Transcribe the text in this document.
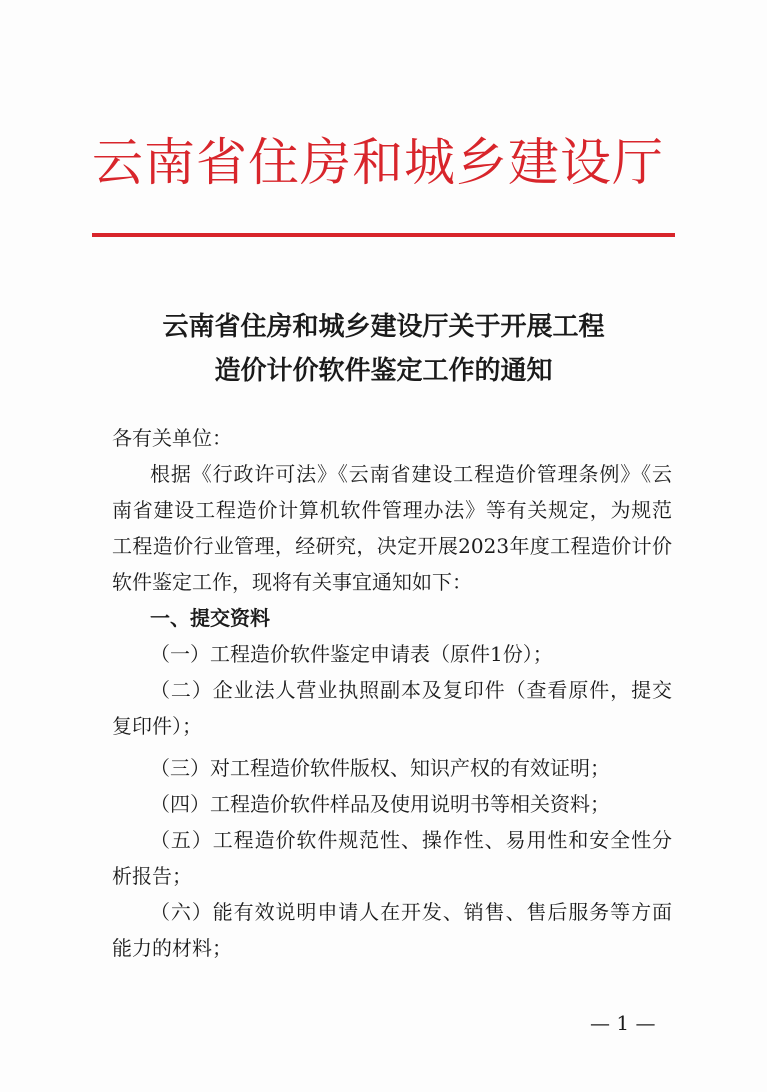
云南省住房和城乡建设厅
云南省住房和城乡建设厅关于开展工程
造价计价软件鉴定工作的通知
各有关单位：
根据《行政许可法》《云南省建设工程造价管理条例》《云
南省建设工程造价计算机软件管理办法》等有关规定，为规范
工程造价行业管理，经研究，决定开展2023年度工程造价计价
软件鉴定工作，现将有关事宜通知如下：
一、提交资料
（一）工程造价软件鉴定申请表（原件1份）；
（二）企业法人营业执照副本及复印件（查看原件，提交
复印件）；
（三）对工程造价软件版权、知识产权的有效证明；
（四）工程造价软件样品及使用说明书等相关资料；
（五）工程造价软件规范性、操作性、易用性和安全性分
析报告；
（六）能有效说明申请人在开发、销售、售后服务等方面
能力的材料；
— 1 —
